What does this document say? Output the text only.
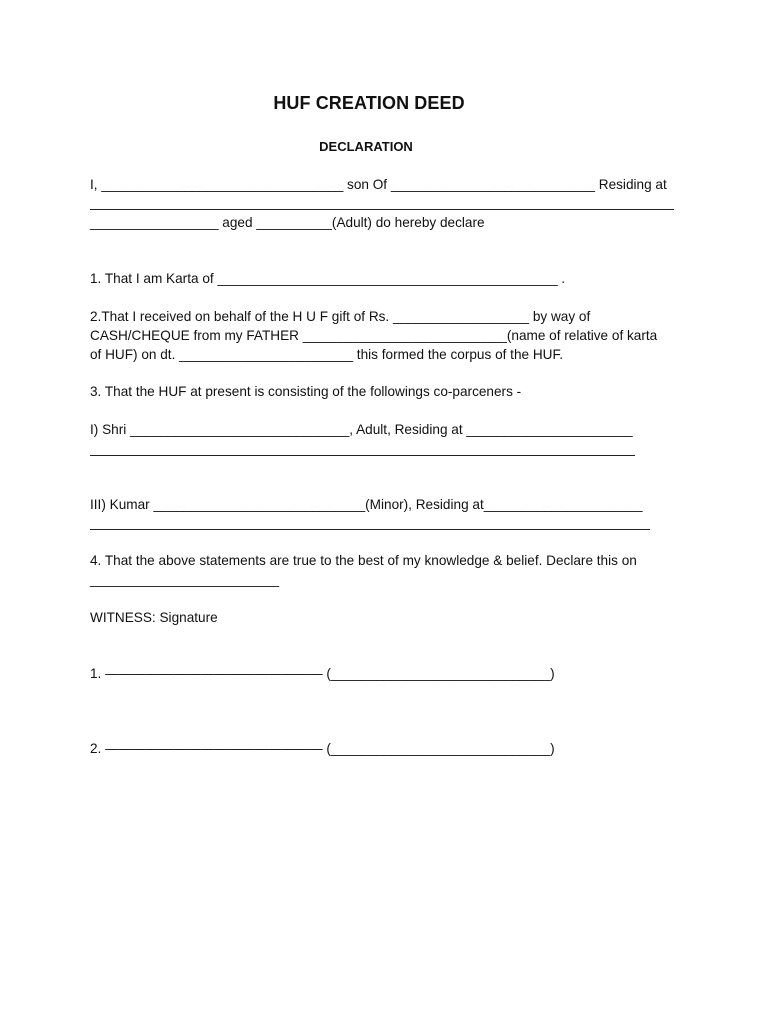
HUF CREATION DEED
DECLARATION
I, ________________________________ son Of ___________________________ Residing at
_________________ aged __________(Adult) do hereby declare
1. That I am Karta of _____________________________________________ .
2.That I received on behalf of the H U F gift of Rs. __________________ by way of
CASH/CHEQUE from my FATHER ___________________________(name of relative of karta
of HUF) on dt. _______________________ this formed the corpus of the HUF.
3. That the HUF at present is consisting of the followings co-parceners -
I) Shri _____________________________, Adult, Residing at ______________________
III) Kumar ____________________________(Minor), Residing at_____________________
4. That the above statements are true to the best of my knowledge & belief. Declare this on
_________________________
WITNESS: Signature
1. ———————————————— (_____________________________)
2. ———————————————— (_____________________________)
